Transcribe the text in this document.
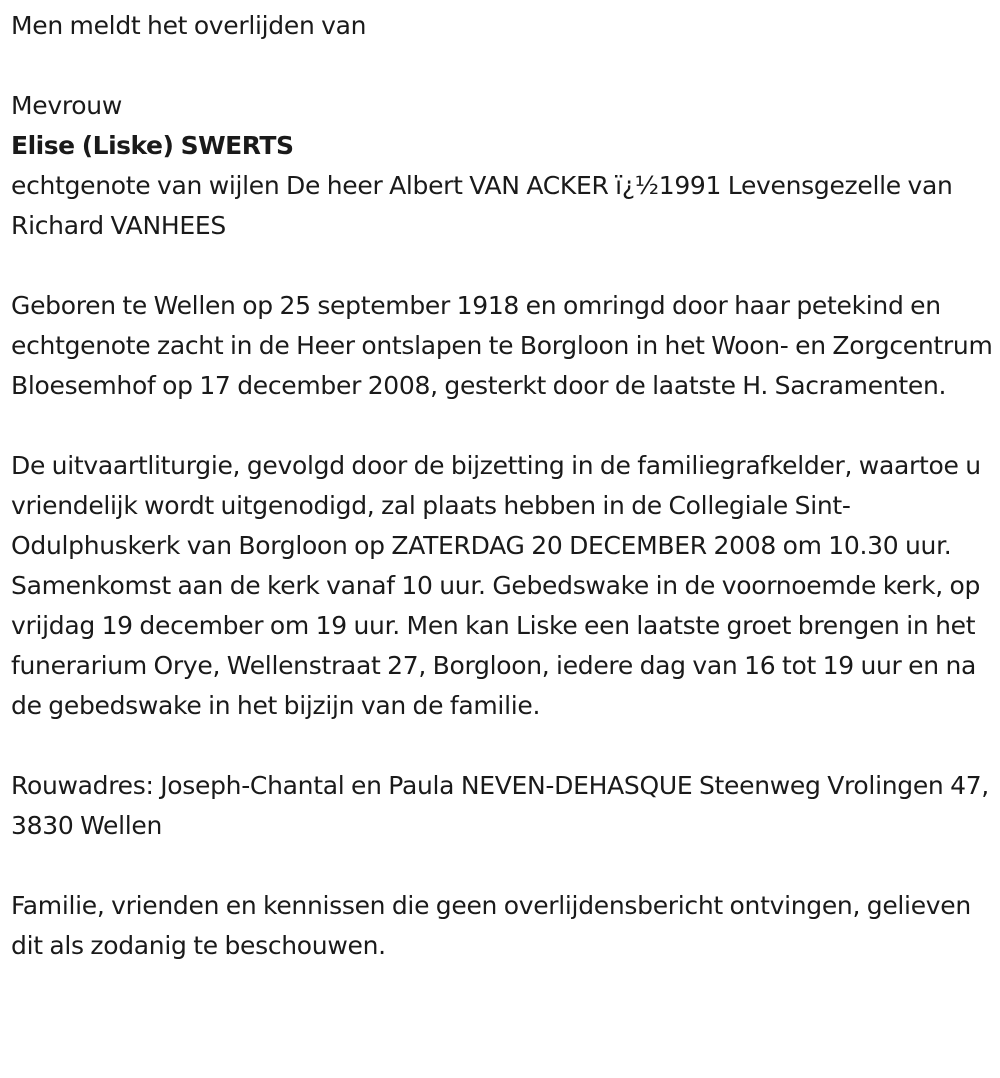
Men meldt het overlijden van

Mevrouw

Elise (Liske) SWERTS

echtgenote van wijlen De heer Albert VAN ACKER ï¿½1991 Levensgezelle van Richard VANHEES

Geboren te Wellen op 25 september 1918 en omringd door haar petekind en echtgenote zacht in de Heer ontslapen te Borgloon in het Woon- en Zorgcentrum Bloesemhof op 17 december 2008, gesterkt door de laatste H. Sacramenten.

De uitvaartliturgie, gevolgd door de bijzetting in de familiegrafkelder, waartoe u vriendelijk wordt uitgenodigd, zal plaats hebben in de Collegiale Sint-Odulphuskerk van Borgloon op ZATERDAG 20 DECEMBER 2008 om 10.30 uur. Samenkomst aan de kerk vanaf 10 uur. Gebedswake in de voornoemde kerk, op vrijdag 19 december om 19 uur. Men kan Liske een laatste groet brengen in het funerarium Orye, Wellenstraat 27, Borgloon, iedere dag van 16 tot 19 uur en na de gebedswake in het bijzijn van de familie.

Rouwadres: Joseph-Chantal en Paula NEVEN-DEHASQUE Steenweg Vrolingen 47, 3830 Wellen

Familie, vrienden en kennissen die geen overlijdensbericht ontvingen, gelieven dit als zodanig te beschouwen.
